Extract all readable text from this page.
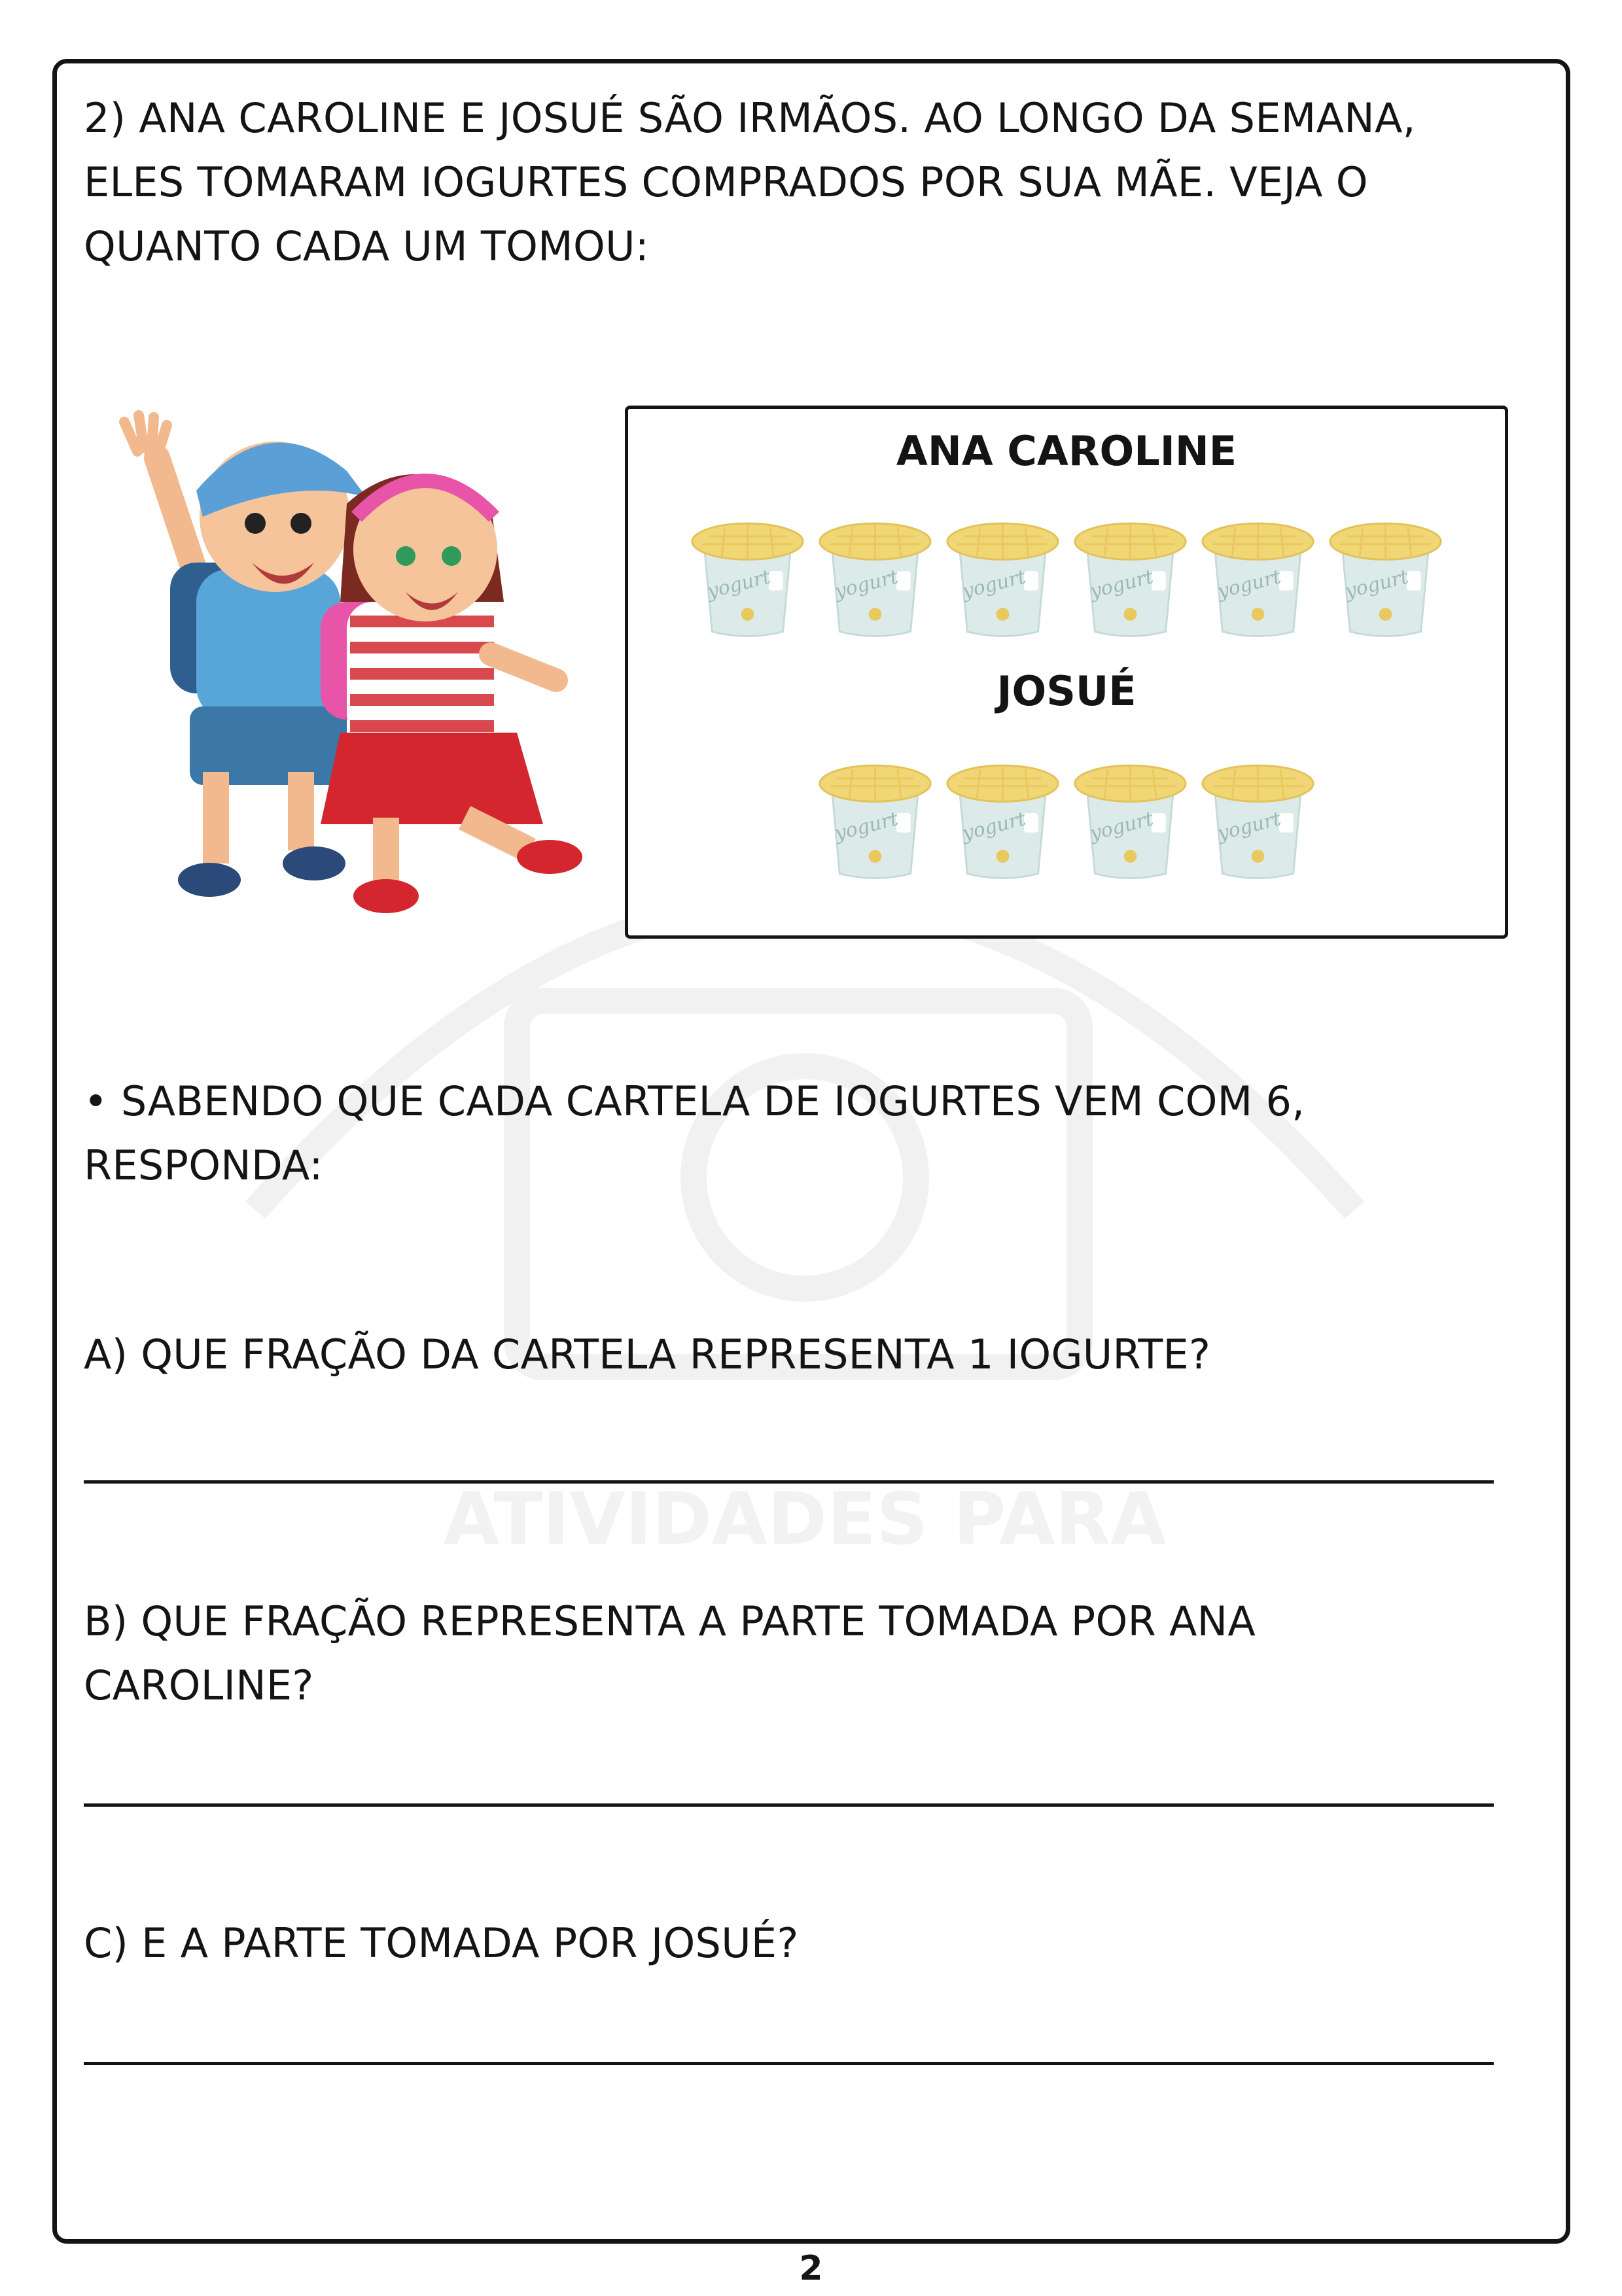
ATIVIDADES PARA
2) ANA CAROLINE E JOSUÉ SÃO IRMÃOS. AO LONGO DA SEMANA,
ELES TOMARAM IOGURTES COMPRADOS POR SUA MÃE. VEJA O
QUANTO CADA UM TOMOU:
ANA CAROLINE
yogurt	yogurt	yogurt	yogurt	yogurt	yogurt
JOSUÉ
yogurt	yogurt	yogurt	yogurt
• SABENDO QUE CADA CARTELA DE IOGURTES VEM COM 6,
RESPONDA:
A) QUE FRAÇÃO DA CARTELA REPRESENTA 1 IOGURTE?
B) QUE FRAÇÃO REPRESENTA A PARTE TOMADA POR ANA
CAROLINE?
C) E A PARTE TOMADA POR JOSUÉ?
2
